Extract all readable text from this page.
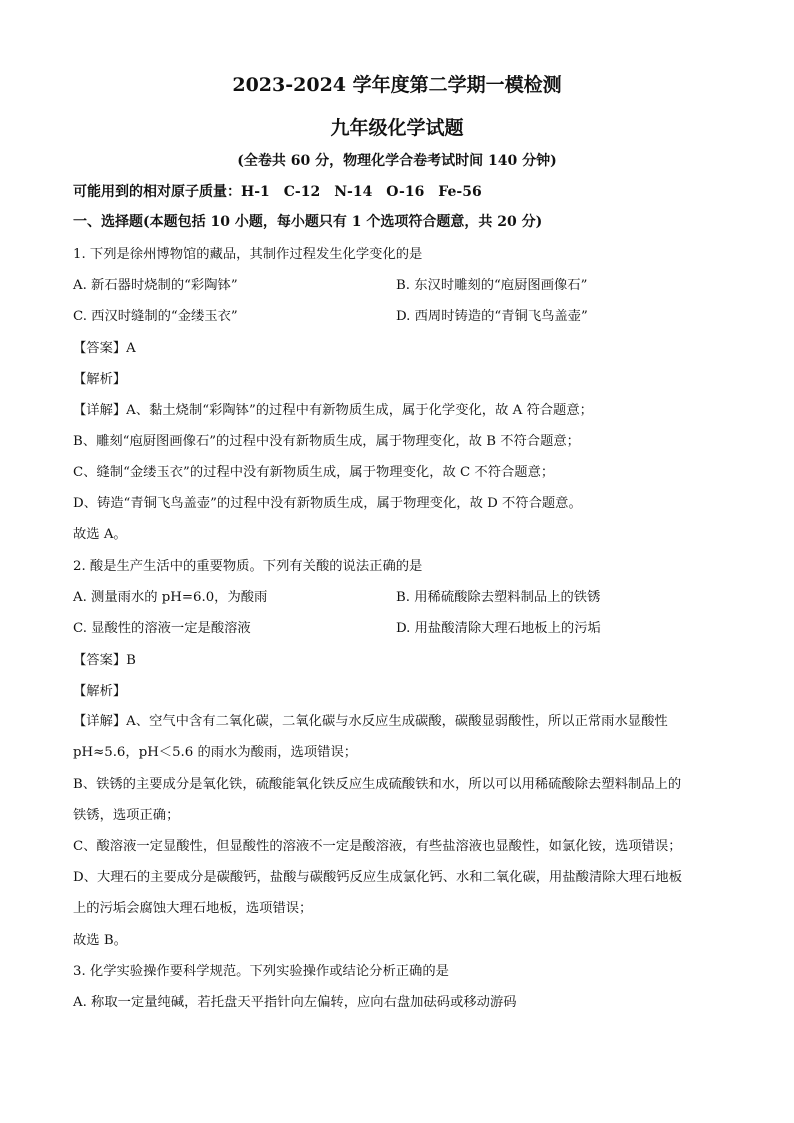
2023-2024 学年度第二学期一模检测
九年级化学试题
(全卷共 60 分，物理化学合卷考试时间 140 分钟)
可能用到的相对原子质量：H-1　C-12　N-14　O-16　Fe-56
一、选择题(本题包括 10 小题，每小题只有 1 个选项符合题意，共 20 分)
1. 下列是徐州博物馆的藏品，其制作过程发生化学变化的是
A. 新石器时烧制的“彩陶钵”	B. 东汉时雕刻的“庖厨图画像石”
C. 西汉时缝制的“金缕玉衣”	D. 西周时铸造的“青铜飞鸟盖壶”
【答案】A
【解析】
【详解】A、黏土烧制“彩陶钵”的过程中有新物质生成，属于化学变化，故 A 符合题意；
B、雕刻“庖厨图画像石”的过程中没有新物质生成，属于物理变化，故 B 不符合题意；
C、缝制“金缕玉衣”的过程中没有新物质生成，属于物理变化，故 C 不符合题意；
D、铸造“青铜飞鸟盖壶”的过程中没有新物质生成，属于物理变化，故 D 不符合题意。
故选 A。
2. 酸是生产生活中的重要物质。下列有关酸的说法正确的是
A. 测量雨水的 pH=6.0，为酸雨	B. 用稀硫酸除去塑料制品上的铁锈
C. 显酸性的溶液一定是酸溶液	D. 用盐酸清除大理石地板上的污垢
【答案】B
【解析】
【详解】A、空气中含有二氧化碳，二氧化碳与水反应生成碳酸，碳酸显弱酸性，所以正常雨水显酸性
pH≈5.6，pH＜5.6 的雨水为酸雨，选项错误；
B、铁锈的主要成分是氧化铁，硫酸能氧化铁反应生成硫酸铁和水，所以可以用稀硫酸除去塑料制品上的
铁锈，选项正确；
C、酸溶液一定显酸性，但显酸性的溶液不一定是酸溶液，有些盐溶液也显酸性，如氯化铵，选项错误；
D、大理石的主要成分是碳酸钙，盐酸与碳酸钙反应生成氯化钙、水和二氧化碳，用盐酸清除大理石地板
上的污垢会腐蚀大理石地板，选项错误；
故选 B。
3. 化学实验操作要科学规范。下列实验操作或结论分析正确的是
A. 称取一定量纯碱，若托盘天平指针向左偏转，应向右盘加砝码或移动游码
